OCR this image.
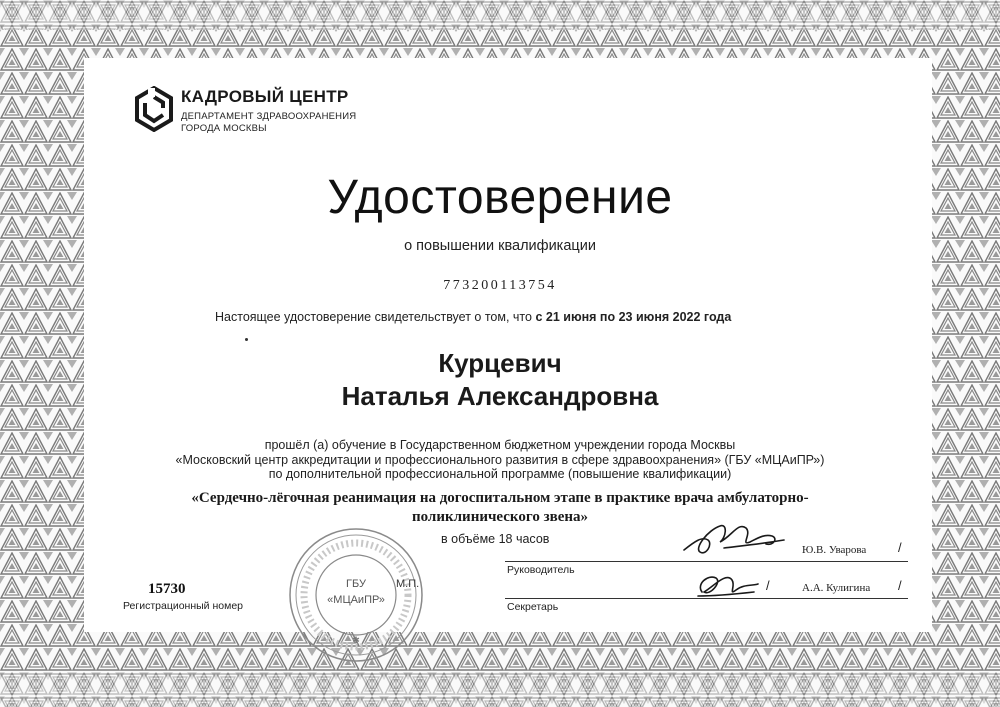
КАДРОВЫЙ ЦЕНТР
ДЕПАРТАМЕНТ ЗДРАВООХРАНЕНИЯ
ГОРОДА МОСКВЫ
Удостоверение
о повышении квалификации
773200113754
Настоящее удостоверение свидетельствует о том, что с 21 июня по 23 июня 2022 года
Курцевич
Наталья Александровна
прошёл (а) обучение в Государственном бюджетном учреждении города Москвы
«Московский центр аккредитации и профессионального развития в сфере здравоохранения» (ГБУ «МЦАиПР»)
по дополнительной профессиональной программе (повышение квалификации)
«Сердечно-лёгочная реанимация на догоспитальном этапе в практике врача амбулаторно-
поликлинического звена»
в объёме 18 часов
15730
Регистрационный номер
ГБУ
«МЦАиПР»
✱
М.П.
Ю.В. Уварова /
Руководитель
/	А.А. Кулигина /
Секретарь
